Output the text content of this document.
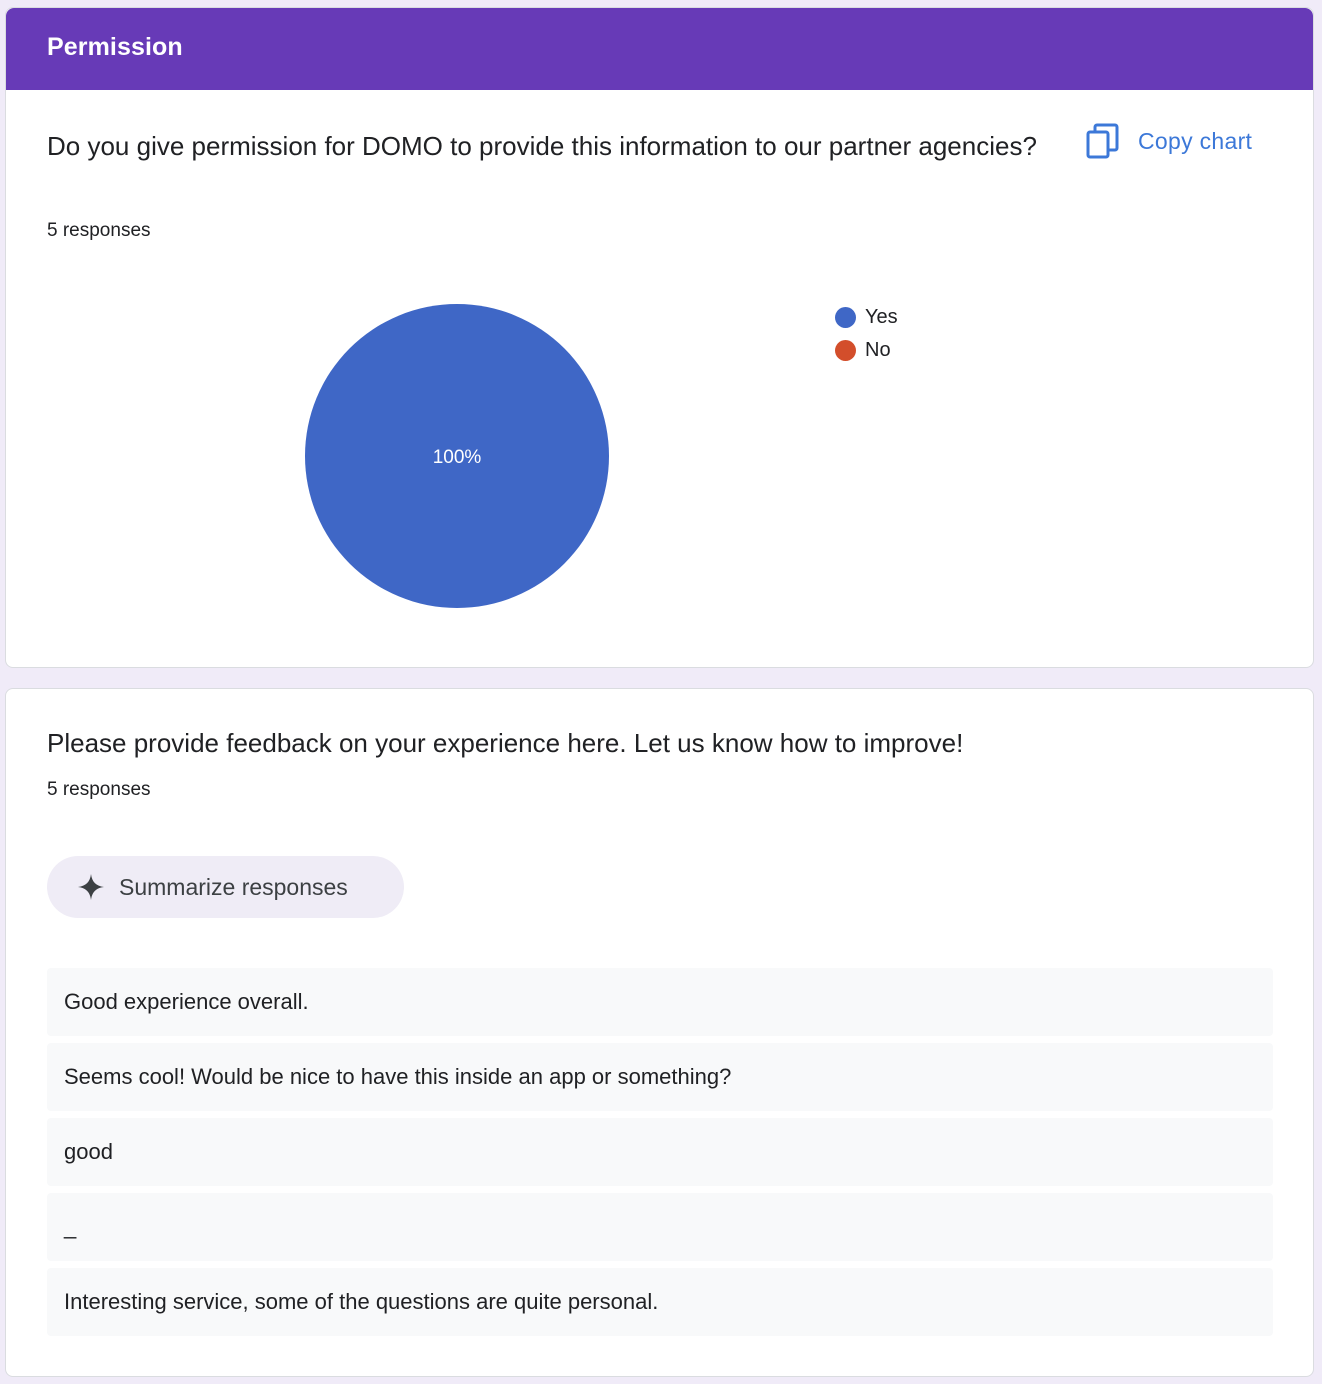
Permission
Do you give permission for DOMO to provide this information to our partner agencies?
5 responses
Copy chart
100%
Yes
No
Please provide feedback on your experience here. Let us know how to improve!
5 responses
Summarize responses
Good experience overall.
Seems cool! Would be nice to have this inside an app or something?
good
_
Interesting service, some of the questions are quite personal.
